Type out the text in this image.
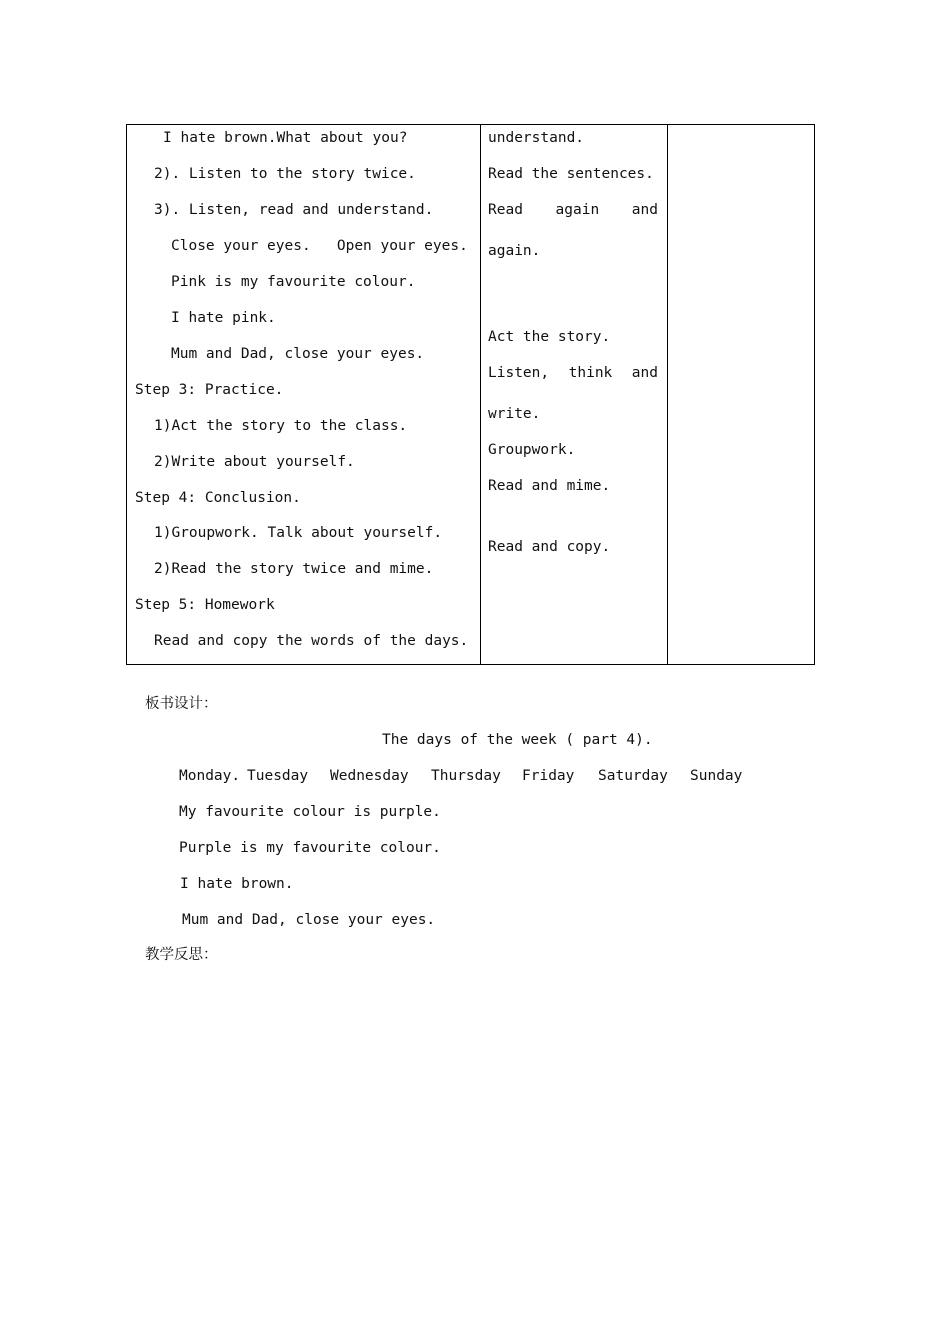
I hate brown.What about you?
2). Listen to the story twice.
3). Listen, read and understand.
Close your eyes.   Open your eyes.
Pink is my favourite colour.
I hate pink.
Mum and Dad, close your eyes.
Step 3: Practice.
1)Act the story to the class.
2)Write about yourself.
Step 4: Conclusion.
1)Groupwork. Talk about yourself.
2)Read the story twice and mime.
Step 5: Homework
Read and copy the words of the days.
understand.
Read the sentences.
Read again and
again.
Act the story.
Listen, think and
write.
Groupwork.
Read and mime.
Read and copy.
板书设计：
The days of the week ( part 4).
Monday. Tuesday Wednesday Thursday Friday Saturday Sunday
My favourite colour is purple.
Purple is my favourite colour.
I hate brown.
Mum and Dad, close your eyes.
教学反思：
